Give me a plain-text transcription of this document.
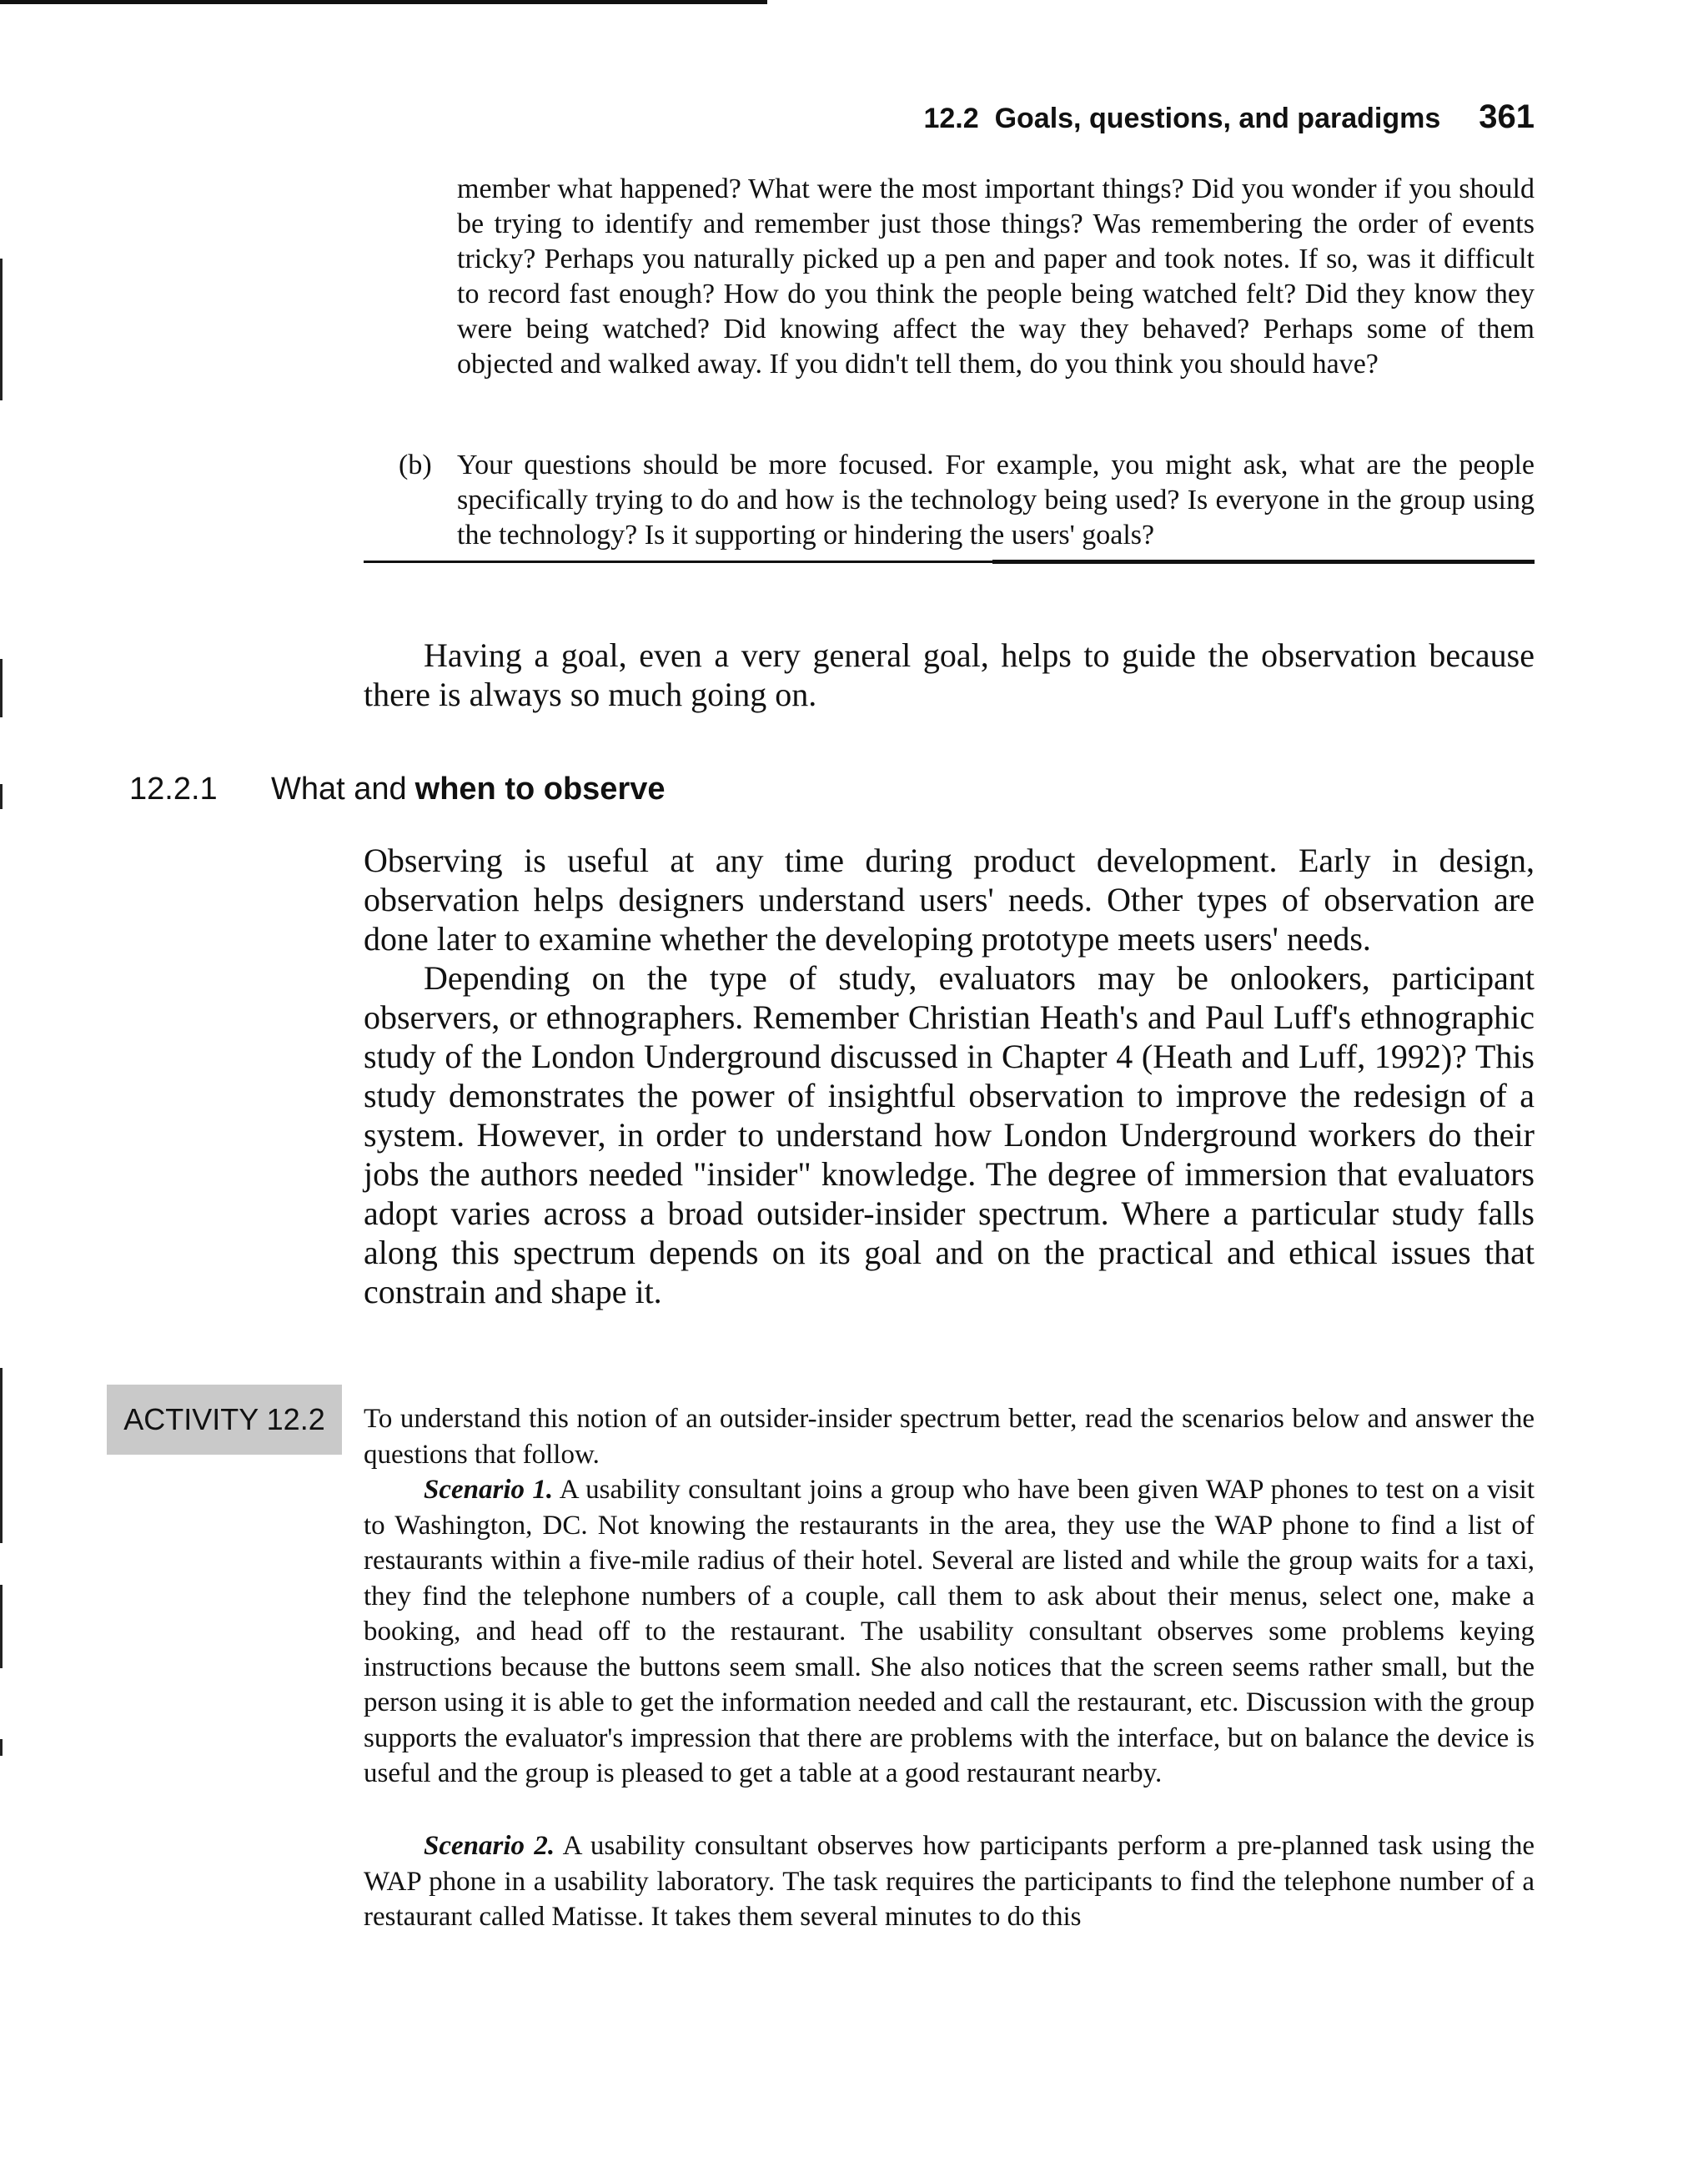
12.2 Goals, questions, and paradigms 361

member what happened? What were the most important things? Did you wonder if you should be trying to identify and remember just those things? Was remembering the order of events tricky? Perhaps you naturally picked up a pen and paper and took notes. If so, was it difficult to record fast enough? How do you think the people being watched felt? Did they know they were being watched? Did knowing affect the way they behaved? Perhaps some of them objected and walked away. If you didn't tell them, do you think you should have?

(b) Your questions should be more focused. For example, you might ask, what are the people specifically trying to do and how is the technology being used? Is everyone in the group using the technology? Is it supporting or hindering the users' goals?

Having a goal, even a very general goal, helps to guide the observation because there is always so much going on.

12.2.1	What and when to observe

Observing is useful at any time during product development. Early in design, observation helps designers understand users' needs. Other types of observation are done later to examine whether the developing prototype meets users' needs.

Depending on the type of study, evaluators may be onlookers, participant observers, or ethnographers. Remember Christian Heath's and Paul Luff's ethnographic study of the London Underground discussed in Chapter 4 (Heath and Luff, 1992)? This study demonstrates the power of insightful observation to improve the redesign of a system. However, in order to understand how London Underground workers do their jobs the authors needed "insider" knowledge. The degree of immersion that evaluators adopt varies across a broad outsider-insider spectrum. Where a particular study falls along this spectrum depends on its goal and on the practical and ethical issues that constrain and shape it.

ACTIVITY 12.2 To understand this notion of an outsider-insider spectrum better, read the scenarios below and answer the questions that follow.

Scenario 1. A usability consultant joins a group who have been given WAP phones to test on a visit to Washington, DC. Not knowing the restaurants in the area, they use the WAP phone to find a list of restaurants within a five-mile radius of their hotel. Several are listed and while the group waits for a taxi, they find the telephone numbers of a couple, call them to ask about their menus, select one, make a booking, and head off to the restaurant. The usability consultant observes some problems keying instructions because the buttons seem small. She also notices that the screen seems rather small, but the person using it is able to get the information needed and call the restaurant, etc. Discussion with the group supports the evaluator's impression that there are problems with the interface, but on balance the device is useful and the group is pleased to get a table at a good restaurant nearby.

Scenario 2. A usability consultant observes how participants perform a pre-planned task using the WAP phone in a usability laboratory. The task requires the participants to find the telephone number of a restaurant called Matisse. It takes them several minutes to do this
